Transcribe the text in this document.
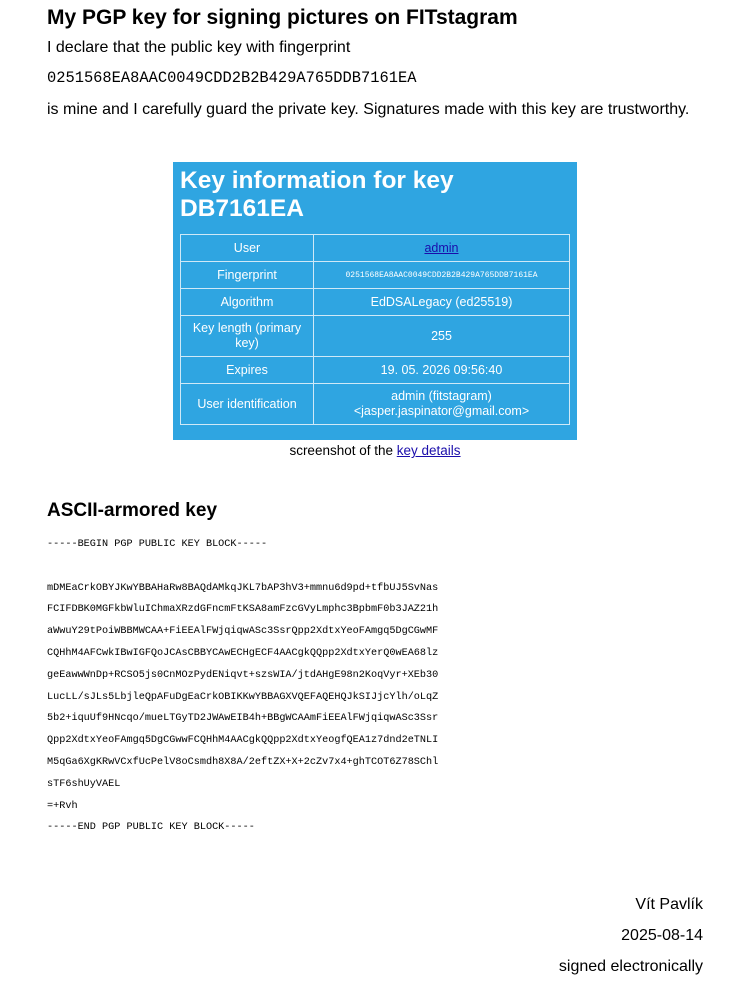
My PGP key for signing pictures on FITstagram

I declare that the public key with fingerprint

0251568EA8AAC0049CDD2B2B429A765DDB7161EA

is mine and I carefully guard the private key. Signatures made with this key are trustworthy.

Key information for key DB7161EA

User	admin
Fingerprint	0251568EA8AAC0049CDD2B2B429A765DDB7161EA
Algorithm	EdDSALegacy (ed25519)
Key length (primary key)	255
Expires	19. 05. 2026 09:56:40
User identification	admin (fitstagram)
<jasper.jaspinator@gmail.com>
screenshot of the key details
ASCII-armored key
-----BEGIN PGP PUBLIC KEY BLOCK-----

mDMEaCrkOBYJKwYBBAHaRw8BAQdAMkqJKL7bAP3hV3+mmnu6d9pd+tfbUJ5SvNas
FCIFDBK0MGFkbWluIChmaXRzdGFncmFtKSA8amFzcGVyLmphc3BpbmF0b3JAZ21h
aWwuY29tPoiWBBMWCAA+FiEEAlFWjqiqwASc3SsrQpp2XdtxYeoFAmgq5DgCGwMF
CQHhM4AFCwkIBwIGFQoJCAsCBBYCAwECHgECF4AACgkQQpp2XdtxYerQ0wEA68lz
geEawwWnDp+RCSO5js0CnMOzPydENiqvt+szsWIA/jtdAHgE98n2KoqVyr+XEb30
LucLL/sJLs5LbjleQpAFuDgEaCrkOBIKKwYBBAGXVQEFAQEHQJkSIJjcYlh/oLqZ
5b2+iquUf9HNcqo/mueLTGyTD2JWAwEIB4h+BBgWCAAmFiEEAlFWjqiqwASc3Ssr
Qpp2XdtxYeoFAmgq5DgCGwwFCQHhM4AACgkQQpp2XdtxYeogfQEA1z7dnd2eTNLI
M5qGa6XgKRwVCxfUcPelV8oCsmdh8X8A/2eftZX+X+2cZv7x4+ghTCOT6Z78SChl
sTF6shUyVAEL
=+Rvh
-----END PGP PUBLIC KEY BLOCK-----

Vít Pavlík

2025-08-14

signed electronically
